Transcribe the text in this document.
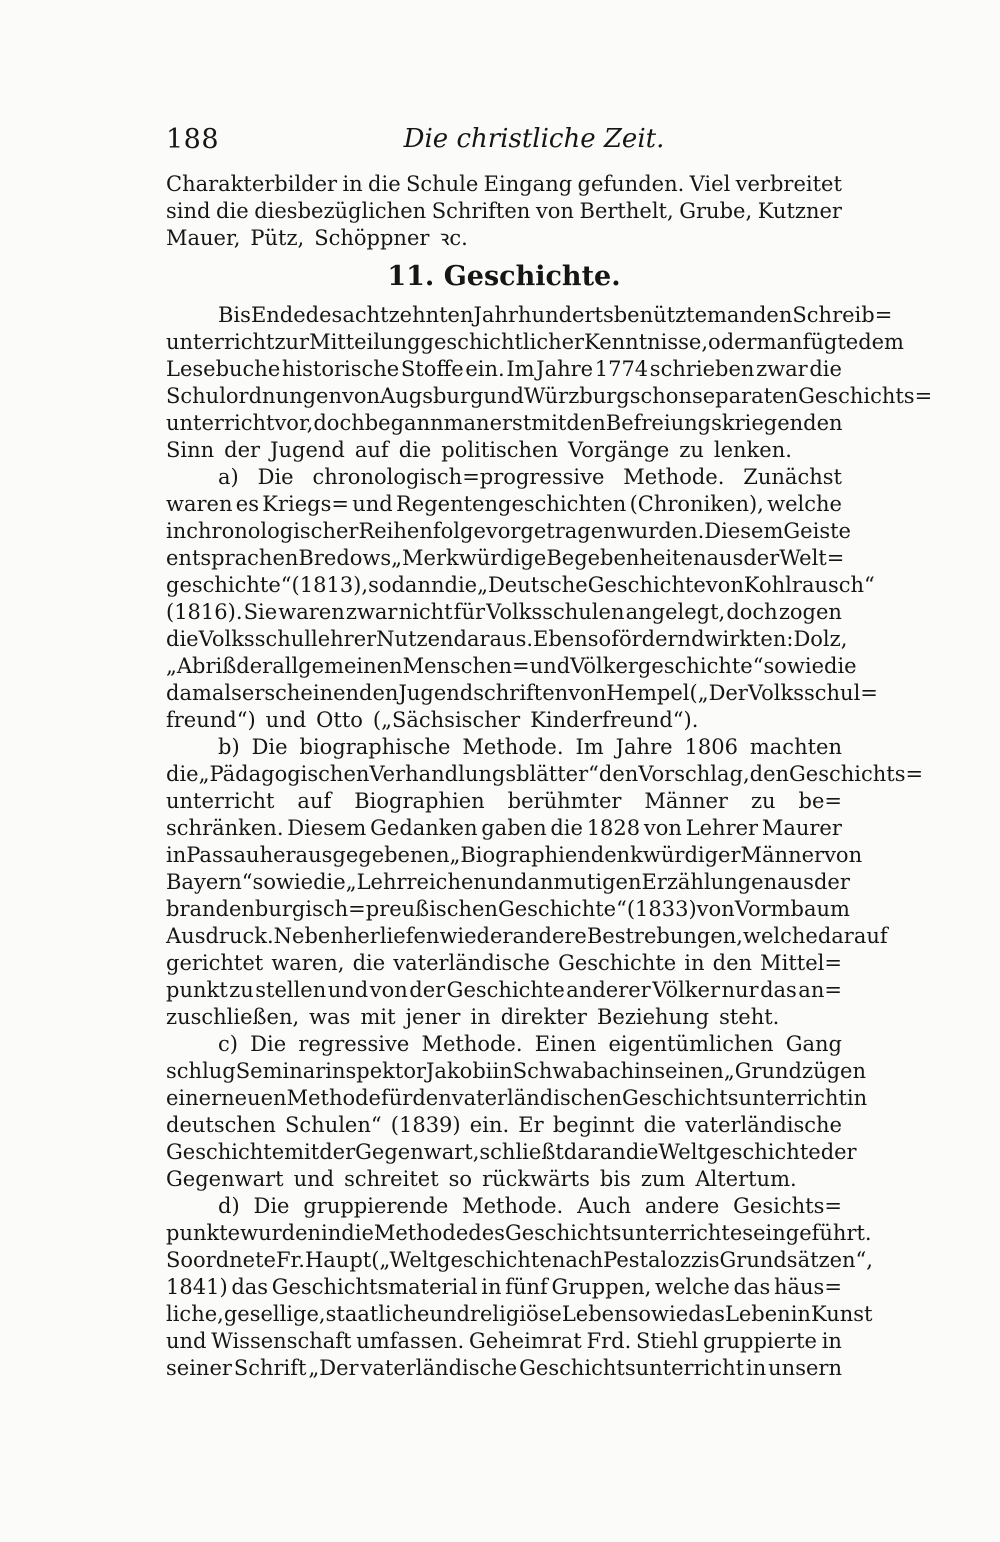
188	Die christliche Zeit.
Charakterbilder in die Schule Eingang gefunden. Viel verbreitet
sind die diesbezüglichen Schriften von Berthelt, Grube, Kutzner
Mauer, Pütz, Schöppner ꝛc.
11. Geschichte.
Bis Ende des achtzehnten Jahrhunderts benützte man den Schreib=
unterricht zur Mitteilung geschichtlicher Kenntnisse, oder man fügte dem
Lesebuche historische Stoffe ein. Im Jahre 1774 schrieben zwar die
Schulordnungen von Augsburg und Würzburg schon separaten Geschichts=
unterricht vor, doch begann man erst mit den Befreiungskriegen den
Sinn der Jugend auf die politischen Vorgänge zu lenken.
a) Die chronologisch=progressive Methode. Zunächst
waren es Kriegs= und Regentengeschichten (Chroniken), welche
in chronologischer Reihenfolge vorgetragen wurden. Diesem Geiste
entsprachen Bredows „Merkwürdige Begebenheiten aus der Welt=
geschichte“ (1813), sodann die „Deutsche Geschichte von Kohlrausch“
(1816). Sie waren zwar nicht für Volksschulen angelegt, doch zogen
die Volksschullehrer Nutzen daraus. Ebenso fördernd wirkten: Dolz,
„Abriß der allgemeinen Menschen= und Völkergeschichte“ sowie die
damals erscheinenden Jugendschriften von Hempel („Der Volksschul=
freund“) und Otto („Sächsischer Kinderfreund“).
b) Die biographische Methode. Im Jahre 1806 machten
die „Pädagogischen Verhandlungsblätter“ den Vorschlag, den Geschichts=
unterricht auf Biographien berühmter Männer zu be=
schränken. Diesem Gedanken gaben die 1828 von Lehrer Maurer
in Passau herausgegebenen „Biographien denkwürdiger Männer von
Bayern“ sowie die „Lehrreichen und anmutigen Erzählungen aus der
brandenburgisch=preußischen Geschichte“ (1833) von Vormbaum
Ausdruck. Nebenher liefen wieder andere Bestrebungen, welche darauf
gerichtet waren, die vaterländische Geschichte in den Mittel=
punkt zu stellen und von der Geschichte anderer Völker nur das an=
zuschließen, was mit jener in direkter Beziehung steht.
c) Die regressive Methode. Einen eigentümlichen Gang
schlug Seminarinspektor Jakobi in Schwabach in seinen „Grundzügen
einer neuen Methode für den vaterländischen Geschichtsunterricht in
deutschen Schulen“ (1839) ein. Er beginnt die vaterländische
Geschichte mit der Gegenwart, schließt daran die Weltgeschichte der
Gegenwart und schreitet so rückwärts bis zum Altertum.
d) Die gruppierende Methode. Auch andere Gesichts=
punkte wurden in die Methode des Geschichtsunterrichtes eingeführt.
So ordnete Fr. Haupt („Weltgeschichte nach Pestalozzis Grundsätzen“,
1841) das Geschichtsmaterial in fünf Gruppen, welche das häus=
liche, gesellige, staatliche und religiöse Leben sowie das Leben in Kunst
und Wissenschaft umfassen. Geheimrat Frd. Stiehl gruppierte in
seiner Schrift „Der vaterländische Geschichtsunterricht in unsern
